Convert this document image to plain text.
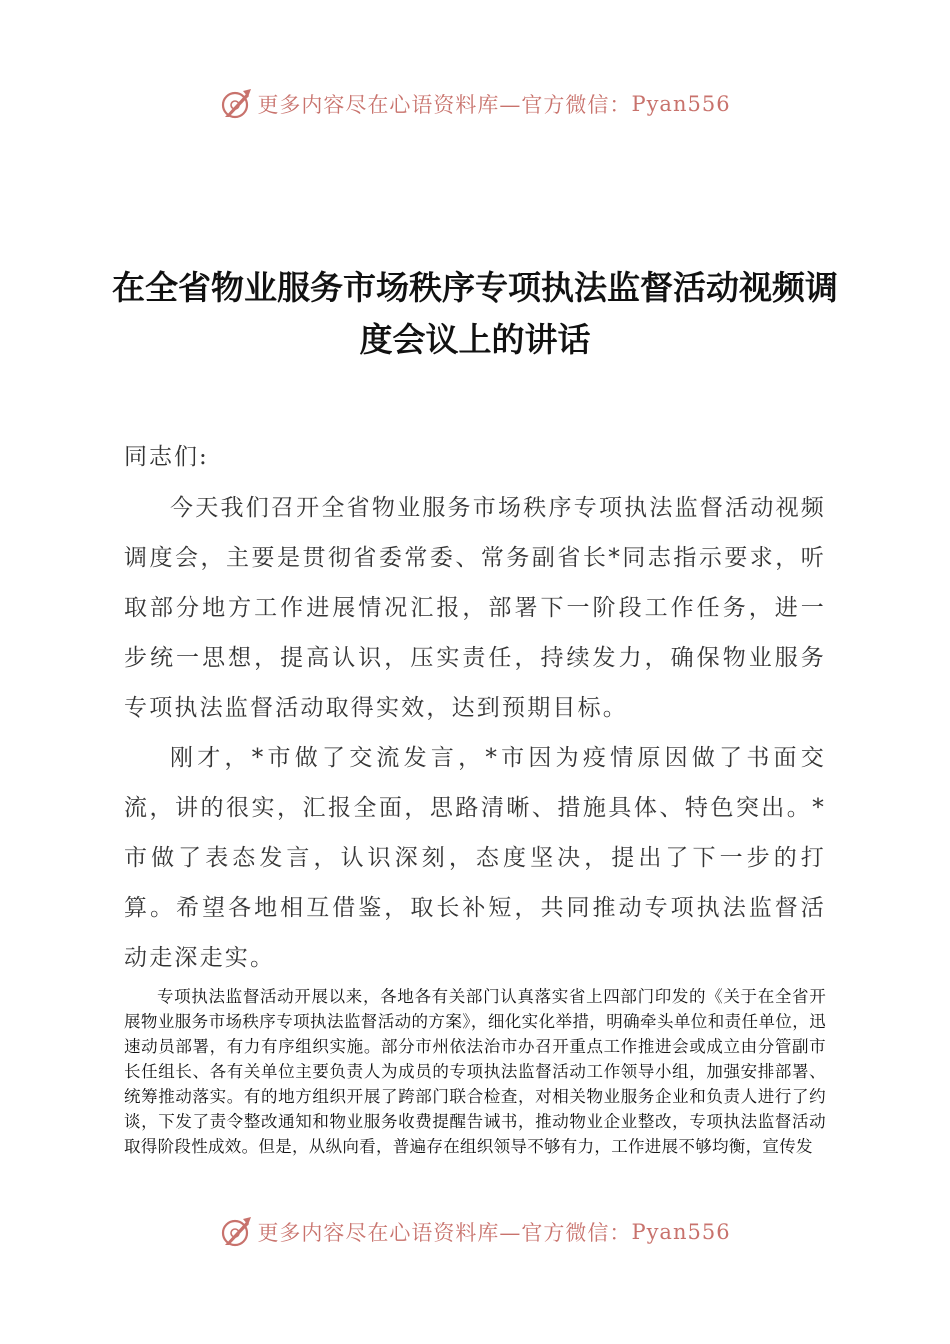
更多内容尽在心语资料库—官方微信： Pyan556
在全省物业服务市场秩序专项执法监督活动视频调度会议上的讲话
同志们:

今天我们召开全省物业服务市场秩序专项执法监督活动视频调度会，主要是贯彻省委常委、常务副省长*同志指示要求，听取部分地方工作进展情况汇报，部署下一阶段工作任务，进一步统一思想，提高认识，压实责任，持续发力，确保物业服务专项执法监督活动取得实效，达到预期目标。

刚才，*市做了交流发言，*市因为疫情原因做了书面交流，讲的很实，汇报全面，思路清晰、措施具体、特色突出。*市做了表态发言，认识深刻，态度坚决，提出了下一步的打算。希望各地相互借鉴，取长补短，共同推动专项执法监督活动走深走实。

专项执法监督活动开展以来，各地各有关部门认真落实省上四部门印发的《关于在全省开展物业服务市场秩序专项执法监督活动的方案》，细化实化举措，明确牵头单位和责任单位，迅速动员部署，有力有序组织实施。部分市州依法治市办召开重点工作推进会或成立由分管副市长任组长、各有关单位主要负责人为成员的专项执法监督活动工作领导小组，加强安排部署、统筹推动落实。有的地方组织开展了跨部门联合检查，对相关物业服务企业和负责人进行了约谈，下发了责令整改通知和物业服务收费提醒告诫书，推动物业企业整改，专项执法监督活动取得阶段性成效。但是，从纵向看，普遍存在组织领导不够有力，工作进展不够均衡，宣传发

更多内容尽在心语资料库—官方微信： Pyan556
